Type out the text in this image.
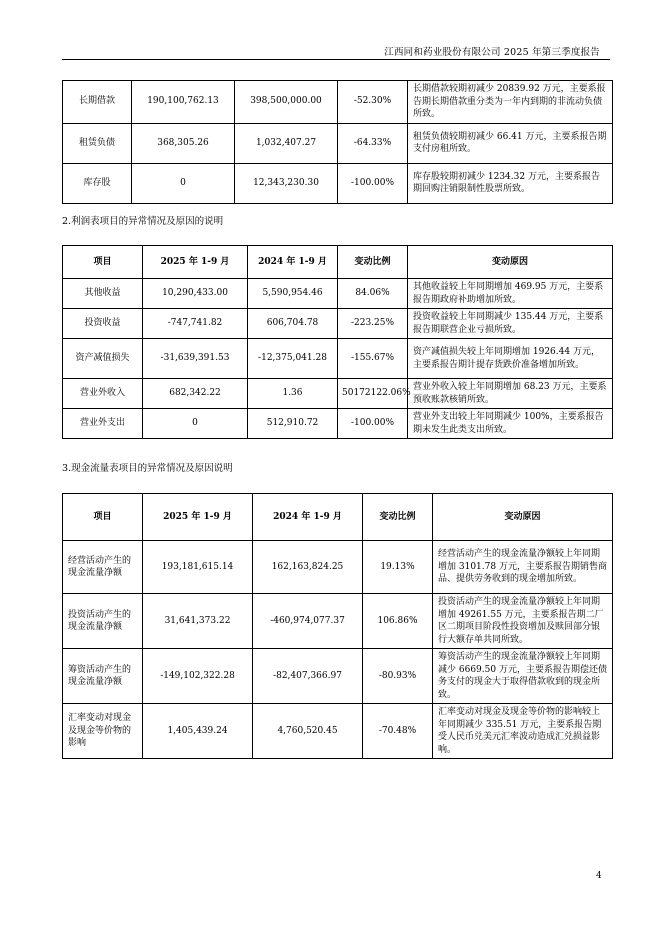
江西同和药业股份有限公司 2025 年第三季度报告
长期借款	190,100,762.13	398,500,000.00	-52.30%	长期借款较期初减少 20839.92 万元，主要系报告期长期借款重分类为一年内到期的非流动负债所致。
租赁负债	368,305.26	1,032,407.27	-64.33%	租赁负债较期初减少 66.41 万元，主要系报告期支付房租所致。
库存股	0	12,343,230.30	-100.00%	库存股较期初减少 1234.32 万元，主要系报告期回购注销限制性股票所致。
2.利润表项目的异常情况及原因的说明
项目	2025 年 1-9 月	2024 年 1-9 月	变动比例	变动原因
其他收益	10,290,433.00	5,590,954.46	84.06%	其他收益较上年同期增加 469.95 万元，主要系报告期政府补助增加所致。
投资收益	-747,741.82	606,704.78	-223.25%	投资收益较上年同期减少 135.44 万元，主要系报告期联营企业亏损所致。
资产减值损失	-31,639,391.53	-12,375,041.28	-155.67%	资产减值损失较上年同期增加 1926.44 万元，主要系报告期计提存货跌价准备增加所致。
营业外收入	682,342.22	1.36	50172122.06%	营业外收入较上年同期增加 68.23 万元，主要系预收账款核销所致。
营业外支出	0	512,910.72	-100.00%	营业外支出较上年同期减少 100%，主要系报告期未发生此类支出所致。
3.现金流量表项目的异常情况及原因说明
项目	2025 年 1-9 月	2024 年 1-9 月	变动比例	变动原因
经营活动产生的现金流量净额	193,181,615.14	162,163,824.25	19.13%	经营活动产生的现金流量净额较上年同期增加 3101.78 万元，主要系报告期销售商品、提供劳务收到的现金增加所致。
投资活动产生的现金流量净额	31,641,373.22	-460,974,077.37	106.86%	投资活动产生的现金流量净额较上年同期增加 49261.55 万元，主要系报告期二厂区二期项目阶段性投资增加及赎回部分银行大额存单共同所致。
筹资活动产生的现金流量净额	-149,102,322.28	-82,407,366.97	-80.93%	筹资活动产生的现金流量净额较上年同期减少 6669.50 万元，主要系报告期偿还债务支付的现金大于取得借款收到的现金所致。
汇率变动对现金及现金等价物的影响	1,405,439.24	4,760,520.45	-70.48%	汇率变动对现金及现金等价物的影响较上年同期减少 335.51 万元，主要系报告期受人民币兑美元汇率波动造成汇兑损益影响。
4
